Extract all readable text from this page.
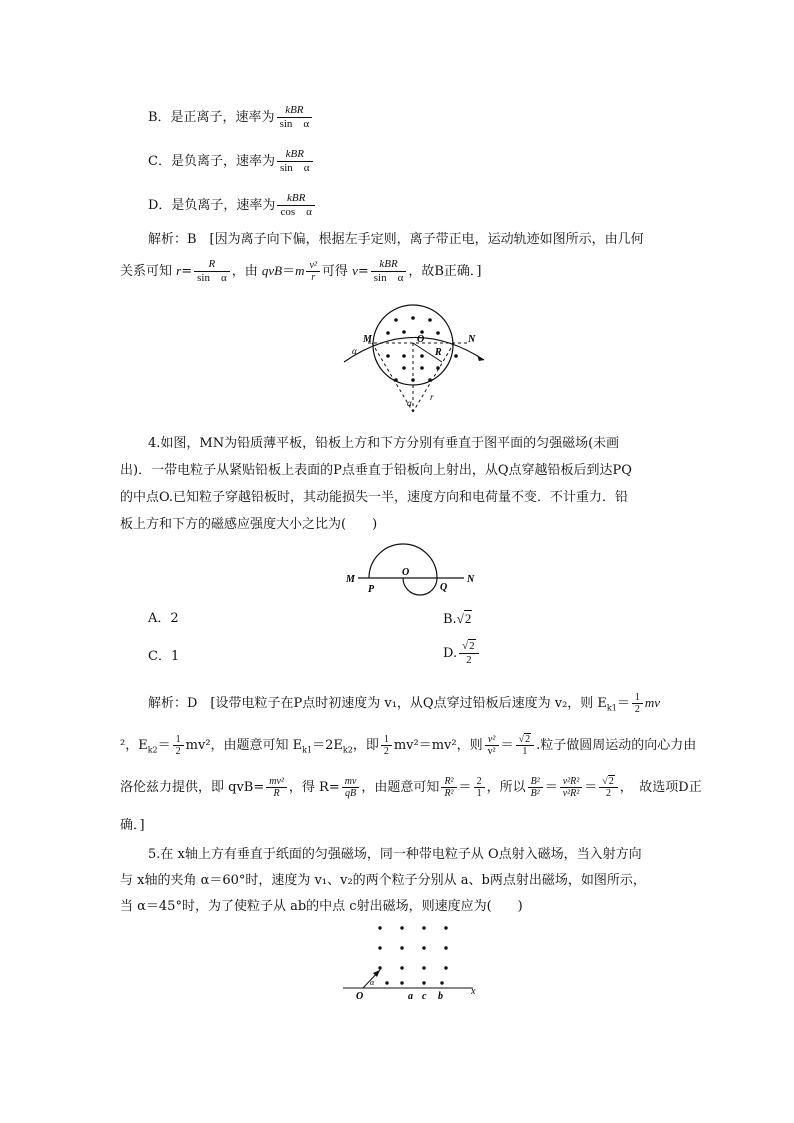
B．是正离子，速率为 $\frac{\text{kBR}}{\text{sin　α}}$
C．是负离子，速率为 $\frac{\text{kBR}}{\text{sin　α}}$
D．是负离子，速率为 $\frac{\text{kBR}}{\text{cos　α}}$
解析：B　[因为离子向下偏，根据左手定则，离子带正电，运动轨迹如图所示，由几何
关系可知 $r= \frac{R}{\text{sin　α}}$ ，由 $qvB=m \frac{\text{v²}}{r}$ 可得 $v= \frac{\text{kBR}}{\text{sin　α}}$ ，故B正确．]
M	O	N
R
α
α
r
4.如图，MN为铅质薄平板，铅板上方和下方分别有垂直于图平面的匀强磁场(未画
出)．一带电粒子从紧贴铅板上表面的P点垂直于铅板向上射出，从Q点穿越铅板后到达PQ
的中点O.已知粒子穿越铅板时，其动能损失一半，速度方向和电荷量不变．不计重力．铅
板上方和下方的磁感应强度大小之比为(　　)
M
P
O
Q
N
A．2	B.√2
C．1	D. $\frac{√2}{2}$
解析：D　[设带电粒子在P点时初速度为 v₁，从Q点穿过铅板后速度为 v₂，则 $E_{k1}= \frac{1}{2}$ mv
²，$E_{k2}= \frac{1}{2} mv^2$，由题意可知 $E_{k1}=2E_{k2}$，即 $\frac{1}{2} mv^2=mv^2$，则 $\frac{\text{v²}}{\text{v²}} = \frac{√2}{1}$ .粒子做圆周运动的向心力由
洛伦兹力提供，即 $qvB= \frac{\text{mv²}}{R}$ ，得 $R= \frac{mv}{qB}$ ，由题意可知 $\frac{\text{R²}}{\text{R²}} = \frac{2}{1}$ ，所以 $\frac{\text{B²}}{\text{B²}} = \frac{\text{v²R²}}{\text{v²R²}} = \frac{√2}{2}$ ，　故选项D正
确．]
5.在 x轴上方有垂直于纸面的匀强磁场，同一种带电粒子从 O点射入磁场，当入射方向
与 x轴的夹角 α＝60°时，速度为 v₁、v₂的两个粒子分别从 a、b两点射出磁场，如图所示，
当 α＝45°时，为了使粒子从 ab的中点 c射出磁场，则速度应为(　　)
O
α
a c b	x
